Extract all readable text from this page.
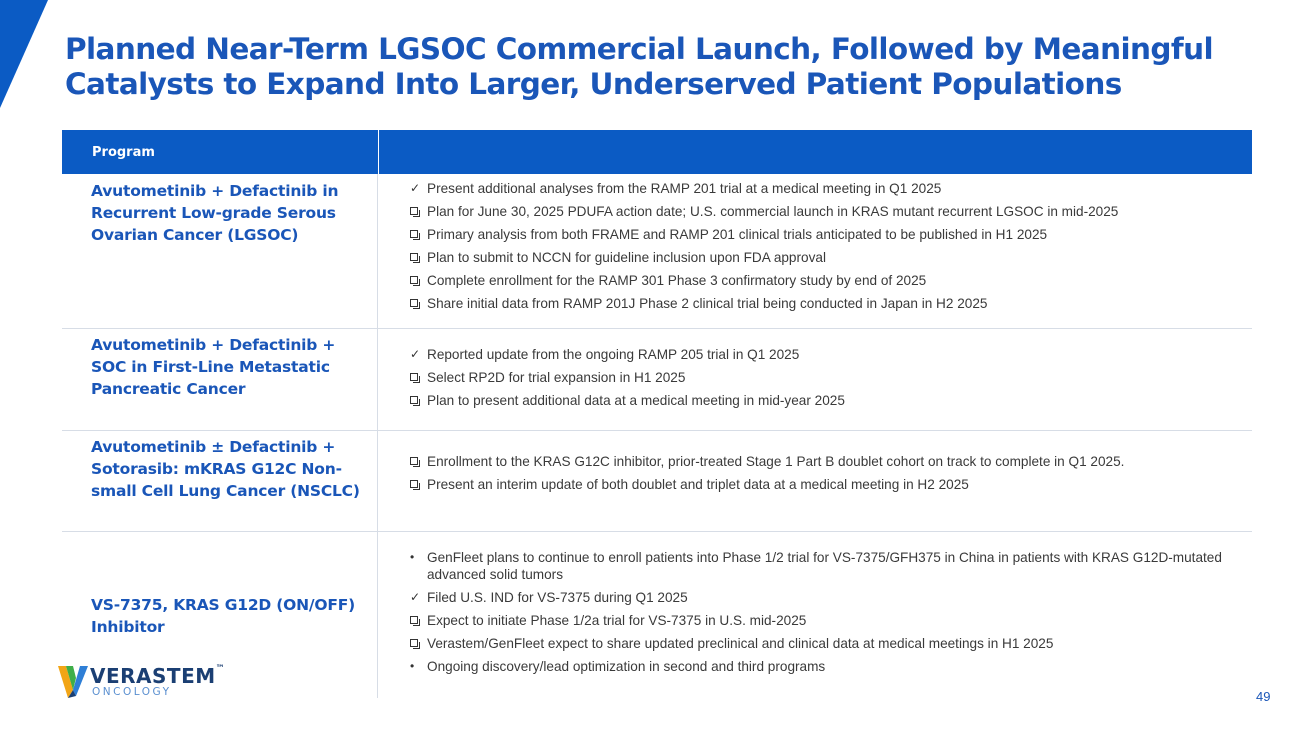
Planned Near-Term LGSOC Commercial Launch, Followed by Meaningful Catalysts to Expand Into Larger, Underserved Patient Populations
Program
Avutometinib + Defactinib in Recurrent Low-grade Serous Ovarian Cancer (LGSOC)
✓ Present additional analyses from the RAMP 201 trial at a medical meeting in Q1 2025
Plan for June 30, 2025 PDUFA action date; U.S. commercial launch in KRAS mutant recurrent LGSOC in mid-2025
Primary analysis from both FRAME and RAMP 201 clinical trials anticipated to be published in H1 2025
Plan to submit to NCCN for guideline inclusion upon FDA approval
Complete enrollment for the RAMP 301 Phase 3 confirmatory study by end of 2025
Share initial data from RAMP 201J Phase 2 clinical trial being conducted in Japan in H2 2025
Avutometinib + Defactinib + SOC in First-Line Metastatic Pancreatic Cancer
✓ Reported update from the ongoing RAMP 205 trial in Q1 2025
Select RP2D for trial expansion in H1 2025
Plan to present additional data at a medical meeting in mid-year 2025
Avutometinib ± Defactinib + Sotorasib: mKRAS G12C Non-small Cell Lung Cancer (NSCLC)
Enrollment to the KRAS G12C inhibitor, prior-treated Stage 1 Part B doublet cohort on track to complete in Q1 2025.
Present an interim update of both doublet and triplet data at a medical meeting in H2 2025
VS-7375, KRAS G12D (ON/OFF) Inhibitor
• GenFleet plans to continue to enroll patients into Phase 1/2 trial for VS-7375/GFH375 in China in patients with KRAS G12D-mutated advanced solid tumors
✓ Filed U.S. IND for VS-7375 during Q1 2025
Expect to initiate Phase 1/2a trial for VS-7375 in U.S. mid-2025
Verastem/GenFleet expect to share updated preclinical and clinical data at medical meetings in H1 2025
• Ongoing discovery/lead optimization in second and third programs
VERASTEM™
ONCOLOGY	49
